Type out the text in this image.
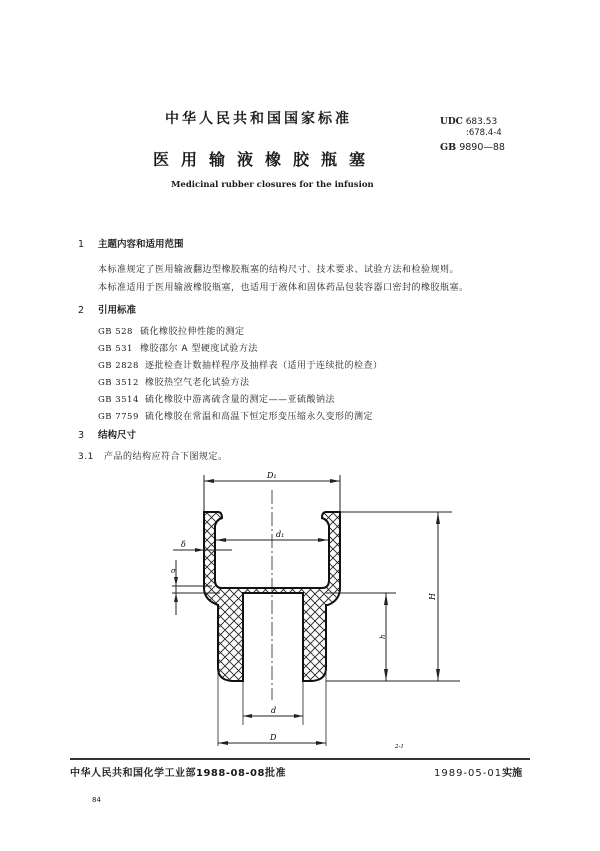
中华人民共和国国家标准
医用输液橡胶瓶塞
Medicinal rubber closures for the infusion
UDC 683.53
:678.4-4
GB 9890—88
1 主题内容和适用范围
本标准规定了医用输液翻边型橡胶瓶塞的结构尺寸、技术要求、试验方法和检验规则。
本标准适用于医用输液橡胶瓶塞，也适用于液体和固体药品包装容器口密封的橡胶瓶塞。
2 引用标准
GB 528 硫化橡胶拉伸性能的测定
GB 531 橡胶邵尔 A 型硬度试验方法
GB 2828 逐批检查计数抽样程序及抽样表（适用于连续批的检查）
GB 3512 橡胶热空气老化试验方法
GB 3514 硫化橡胶中游离硫含量的测定——亚硫酸钠法
GB 7759 硫化橡胶在常温和高温下恒定形变压缩永久变形的测定
3 结构尺寸
3.1 产品的结构应符合下图规定。
D₁
d₁
δ
σ
H
h
d
D
2-1
中华人民共和国化学工业部1988-08-08批准	1989-05-01实施
84
